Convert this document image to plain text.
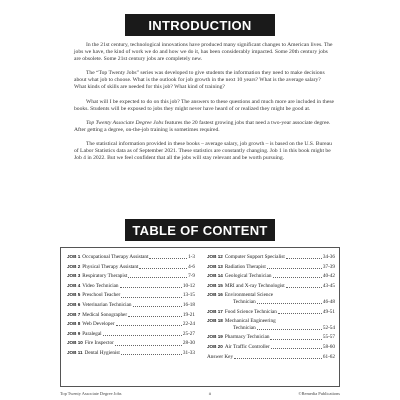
INTRODUCTION

In the 21st century, technological innovations have produced many significant changes to American lives. The jobs we have, the kind of work we do and how we do it, has been considerably impacted. Some 20th century jobs are obsolete. Some 21st century jobs are completely new.

The “Top Twenty Jobs” series was developed to give students the information they need to make decisions about what job to choose. What is the outlook for job growth in the next 10 years? What is the average salary? What kinds of skills are needed for this job? What kind of training?

What will I be expected to do on this job? The answers to these questions and much more are included in these books. Students will be exposed to jobs they might never have heard of or realized they might be good at.

Top Twenty Associate Degree Jobs features the 20 fastest growing jobs that need a two-year associate degree. After getting a degree, on-the-job training is sometimes required.

The statistical information provided in these books – average salary, job growth – is based on the U.S. Bureau of Labor Statistics data as of September 2021. These statistics are constantly changing. Job 1 in this book might be Job 4 in 2022. But we feel confident that all the jobs will stay relevant and be worth pursuing.

TABLE OF CONTENT
JOB 1 Occupational Therapy Assistant	1-3
JOB 2 Physical Therapy Assistant	4-6
JOB 3 Respiratory Therapist	7-9
JOB 4 Video Technician	10-12
JOB 5 Preschool Teacher	13-15
JOB 6 Veterinarian Technician	16-18
JOB 7 Medical Sonographer	19-21
JOB 8 Web Developer	22-24
JOB 9 Paralegal	25-27
JOB 10 Fire Inspector	28-30
JOB 11 Dental Hygienist	31-33
JOB 12 Computer Support Specialist	34-36
JOB 13 Radiation Therapist	37-39
JOB 14 Geological Technician	40-42
JOB 15 MRI and X-ray Technologist	43-45
JOB 16 Environmental Science
Technician	46-48
JOB 17 Food Science Technician	49-51
JOB 18 Mechanical Engineering
Technician	52-54
JOB 19 Pharmacy Technician	55-57
JOB 20 Air Traffic Controller	58-60
Answer Key	61-62
Top Twenty Associate Degree Jobs	ii	©Remedia Publications
